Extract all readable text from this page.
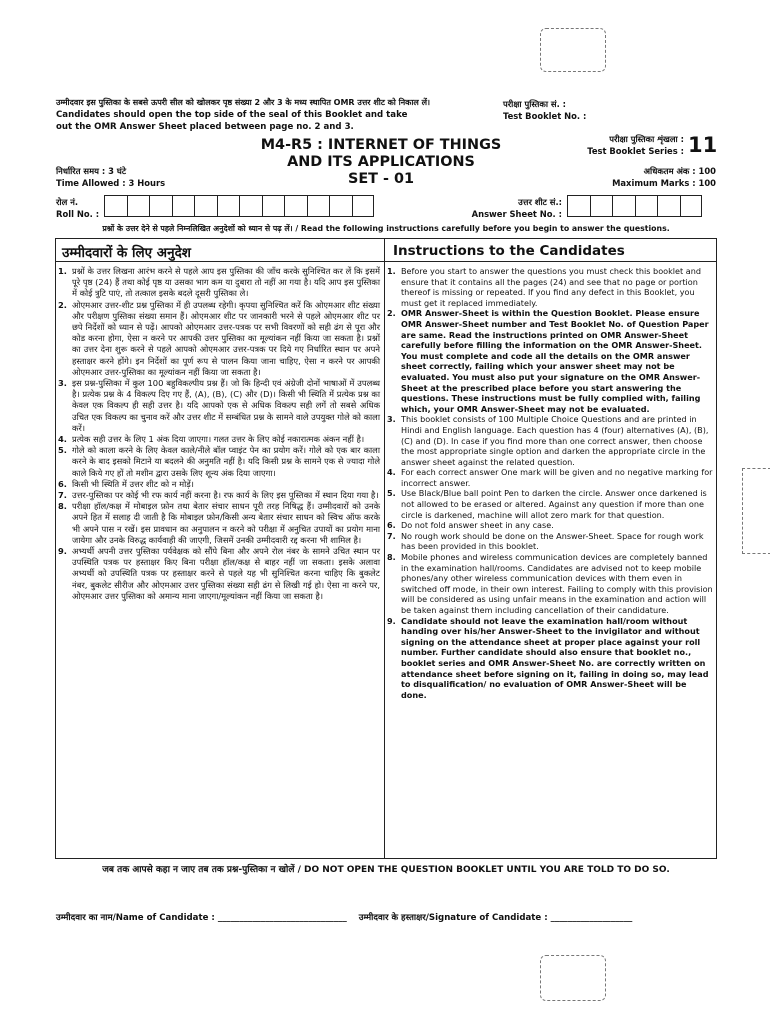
उम्मीदवार इस पुस्तिका के सबसे ऊपरी सील को खोलकर पृष्ठ संख्या 2 और 3 के मध्य स्थापित OMR उत्तर शीट को निकाल लें।
Candidates should open the top side of the seal of this Booklet and take
out the OMR Answer Sheet placed between page no. 2 and 3.
परीक्षा पुस्तिका सं. :
Test Booklet No. :
परीक्षा पुस्तिका शृंखला :
Test Booklet Series : 11
M4-R5 : INTERNET OF THINGS
AND ITS APPLICATIONS
SET - 01
निर्धारित समय : 3 घंटे
Time Allowed : 3 Hours
अधिकतम अंक : 100
Maximum Marks : 100
रोल नं.
Roll No. :
उत्तर शीट सं.:
Answer Sheet No. :
प्रश्नों के उत्तर देने से पहले निम्नलिखित अनुदेशों को ध्यान से पढ़ लें। / Read the following instructions carefully before you begin to answer the questions.
उम्मीदवारों के लिए अनुदेश	Instructions to the Candidates
1. प्रश्नों के उत्तर लिखना आरंभ करने से पहले आप इस पुस्तिका की जाँच करके सुनिश्चित कर लें कि इसमें पूरे पृष्ठ (24) हैं तथा कोई पृष्ठ या उसका भाग कम या दुबारा तो नहीं आ गया है। यदि आप इस पुस्तिका में कोई त्रुटि पाएं, तो तत्काल इसके बदले दूसरी पुस्तिका ले।
2. ओएमआर उत्तर-शीट प्रश्न पुस्तिका में ही उपलब्ध रहेगी। कृपया सुनिश्चित करें कि ओएमआर शीट संख्या और परीक्षण पुस्तिका संख्या समान हैं। ओएमआर शीट पर जानकारी भरने से पहले ओएमआर शीट पर छपे निर्देशों को ध्यान से पढ़ें। आपको ओएमआर उत्तर-पत्रक पर सभी विवरणों को सही ढंग से पूरा और कोड करना होगा, ऐसा न करने पर आपकी उत्तर पुस्तिका का मूल्यांकन नहीं किया जा सकता है। प्रश्नों का उत्तर देना शुरू करने से पहले आपको ओएमआर उत्तर-पत्रक पर दिये गए निर्धारित स्थान पर अपने हस्ताक्षर करने होंगे। इन निर्देशों का पूर्ण रूप से पालन किया जाना चाहिए, ऐसा न करने पर आपकी ओएमआर उत्तर-पुस्तिका का मूल्यांकन नहीं किया जा सकता है।
3. इस प्रश्न-पुस्तिका में कुल 100 बहुविकल्पीय प्रश्न हैं। जो कि हिन्दी एवं अंग्रेजी दोनों भाषाओं में उपलब्ध है। प्रत्येक प्रश्न के 4 विकल्प दिए गए हैं, (A), (B), (C) और (D)। किसी भी स्थिति में प्रत्येक प्रश्न का केवल एक विकल्प ही सही उत्तर है। यदि आपको एक से अधिक विकल्प सही लगें तो सबसे अधिक उचित एक विकल्प का चुनाव करें और उत्तर शीट में सम्बंधित प्रश्न के सामने वाले उपयुक्त गोले को काला करें।
4. प्रत्येक सही उत्तर के लिए 1 अंक दिया जाएगा। गलत उत्तर के लिए कोई नकारात्मक अंकन नहीं है।
5. गोले को काला करने के लिए केवल काले/नीले बॉल प्वाइंट पेन का प्रयोग करें। गोले को एक बार काला करने के बाद इसको मिटाने या बदलने की अनुमति नहीं है। यदि किसी प्रश्न के सामने एक से ज्यादा गोले काले किये गए हों तो मशीन द्वारा उसके लिए शून्य अंक दिया जाएगा।
6. किसी भी स्थिति में उत्तर शीट को न मोड़ें।
7. उत्तर-पुस्तिका पर कोई भी रफ कार्य नहीं करना है। रफ कार्य के लिए इस पुस्तिका में स्थान दिया गया है।
8. परीक्षा हॉल/कक्ष में मोबाइल फ़ोन तथा बेतार संचार साधन पूरी तरह निषिद्ध हैं। उम्मीदवारों को उनके अपने हित में सलाह दी जाती है कि मोबाइल फ़ोन/किसी अन्य बेतार संचार साधन को स्विच ऑफ करके भी अपने पास न रखें। इस प्रावधान का अनुपालन न करने को परीक्षा में अनुचित उपायों का प्रयोग माना जायेगा और उनके विरुद्ध कार्यवाही की जाएगी, जिसमें उनकी उम्मीदवारी रद्द करना भी शामिल है।
9. अभ्यर्थी अपनी उत्तर पुस्तिका पर्यवेक्षक को सौंपे बिना और अपने रोल नंबर के सामने उचित स्थान पर उपस्थिति पत्रक पर हस्ताक्षर किए बिना परीक्षा हॉल/कक्ष से बाहर नहीं जा सकता। इसके अलावा अभ्यर्थी को उपस्थिति पत्रक पर हस्ताक्षर करने से पहले यह भी सुनिश्चित करना चाहिए कि बुकलेट नंबर, बुकलेट सीरीज और ओएमआर उत्तर पुस्तिका संख्या सही ढंग से लिखी गई हो। ऐसा ना करने पर, ओएमआर उत्तर पुस्तिका को अमान्य माना जाएगा/मूल्यांकन नहीं किया जा सकता है।
1. Before you start to answer the questions you must check this booklet and ensure that it contains all the pages (24) and see that no page or portion thereof is missing or repeated. If you find any defect in this Booklet, you must get it replaced immediately.
2. OMR Answer-Sheet is within the Question Booklet. Please ensure OMR Answer-Sheet number and Test Booklet No. of Question Paper are same. Read the instructions printed on OMR Answer-Sheet carefully before filling the information on the OMR Answer-Sheet. You must complete and code all the details on the OMR answer sheet correctly, failing which your answer sheet may not be evaluated. You must also put your signature on the OMR Answer-Sheet at the prescribed place before you start answering the questions. These instructions must be fully complied with, failing which, your OMR Answer-Sheet may not be evaluated.
3. This booklet consists of 100 Multiple Choice Questions and are printed in Hindi and English language. Each question has 4 (four) alternatives (A), (B), (C) and (D). In case if you find more than one correct answer, then choose the most appropriate single option and darken the appropriate circle in the answer sheet against the related question.
4. For each correct answer One mark will be given and no negative marking for incorrect answer.
5. Use Black/Blue ball point Pen to darken the circle. Answer once darkened is not allowed to be erased or altered. Against any question if more than one circle is darkened, machine will allot zero mark for that question.
6. Do not fold answer sheet in any case.
7. No rough work should be done on the Answer-Sheet. Space for rough work has been provided in this booklet.
8. Mobile phones and wireless communication devices are completely banned in the examination hall/rooms. Candidates are advised not to keep mobile phones/any other wireless communication devices with them even in switched off mode, in their own interest. Failing to comply with this provision will be considered as using unfair means in the examination and action will be taken against them including cancellation of their candidature.
9. Candidate should not leave the examination hall/room without handing over his/her Answer-Sheet to the invigilator and without signing on the attendance sheet at proper place against your roll number. Further candidate should also ensure that booklet no., booklet series and OMR Answer-Sheet No. are correctly written on attendance sheet before signing on it, failing in doing so, may lead to disqualification/ no evaluation of OMR Answer-Sheet will be done.
जब तक आपसे कहा न जाए तब तक प्रश्न-पुस्तिका न खोलें / DO NOT OPEN THE QUESTION BOOKLET UNTIL YOU ARE TOLD TO DO SO.
उम्मीदवार का नाम/Name of Candidate : ______________________________ उम्मीदवार के हस्ताक्षर/Signature of Candidate : ___________________
